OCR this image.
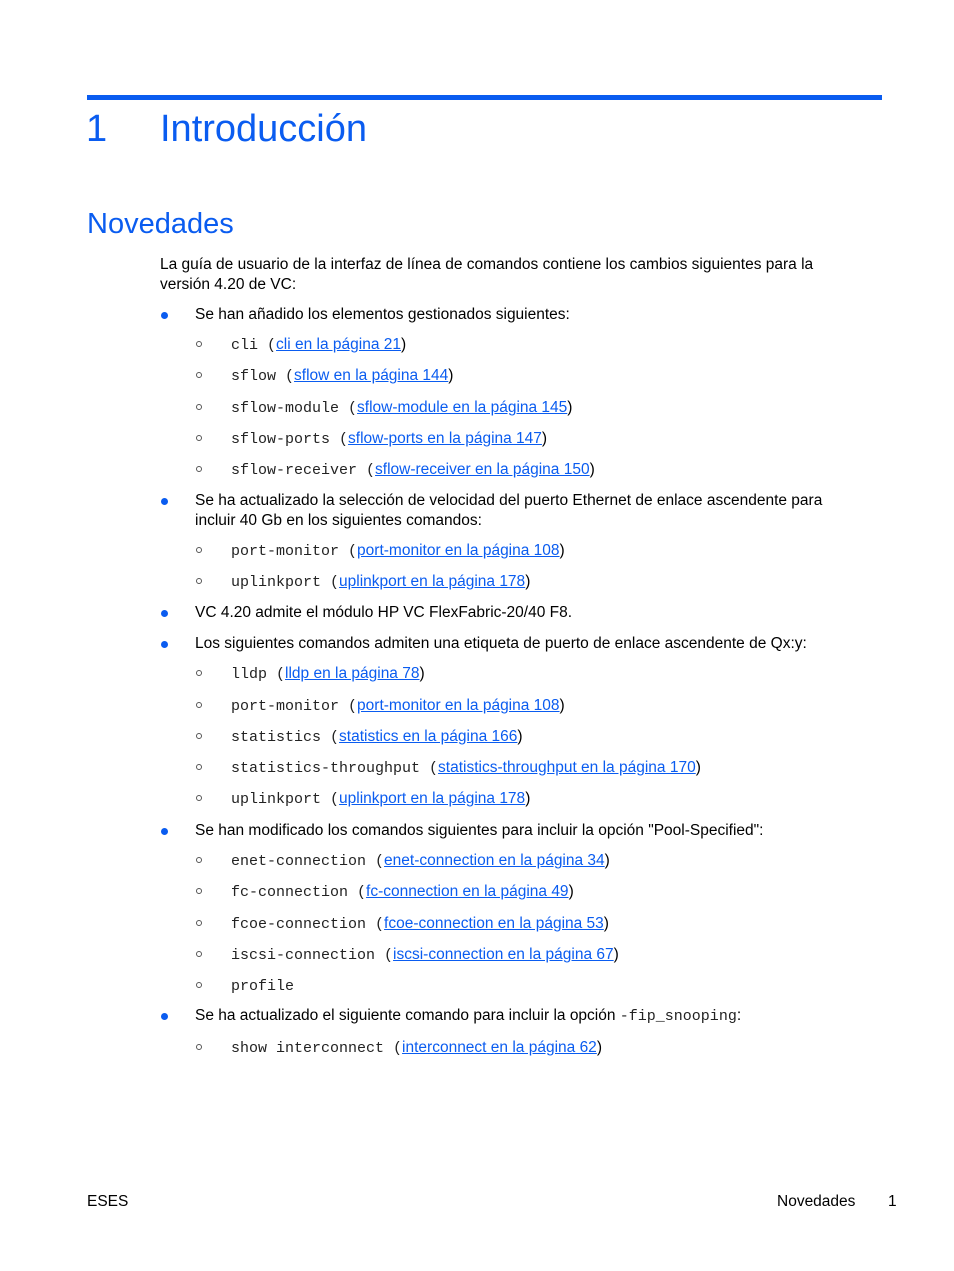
1 Introducción
Novedades

La guía de usuario de la interfaz de línea de comandos contiene los cambios siguientes para la versión 4.20 de VC:

Se han añadido los elementos gestionados siguientes:
cli (cli en la página 21)
sflow (sflow en la página 144)
sflow-module (sflow-module en la página 145)
sflow-ports (sflow-ports en la página 147)
sflow-receiver (sflow-receiver en la página 150)
Se ha actualizado la selección de velocidad del puerto Ethernet de enlace ascendente para incluir 40 Gb en los siguientes comandos:
port-monitor (port-monitor en la página 108)
uplinkport (uplinkport en la página 178)
VC 4.20 admite el módulo HP VC FlexFabric-20/40 F8.
Los siguientes comandos admiten una etiqueta de puerto de enlace ascendente de Qx:y:
lldp (lldp en la página 78)
port-monitor (port-monitor en la página 108)
statistics (statistics en la página 166)
statistics-throughput (statistics-throughput en la página 170)
uplinkport (uplinkport en la página 178)
Se han modificado los comandos siguientes para incluir la opción "Pool-Specified":
enet-connection (enet-connection en la página 34)
fc-connection (fc-connection en la página 49)
fcoe-connection (fcoe-connection en la página 53)
iscsi-connection (iscsi-connection en la página 67)
profile
Se ha actualizado el siguiente comando para incluir la opción -fip_snooping:
show interconnect (interconnect en la página 62)
ESES	Novedades 1
